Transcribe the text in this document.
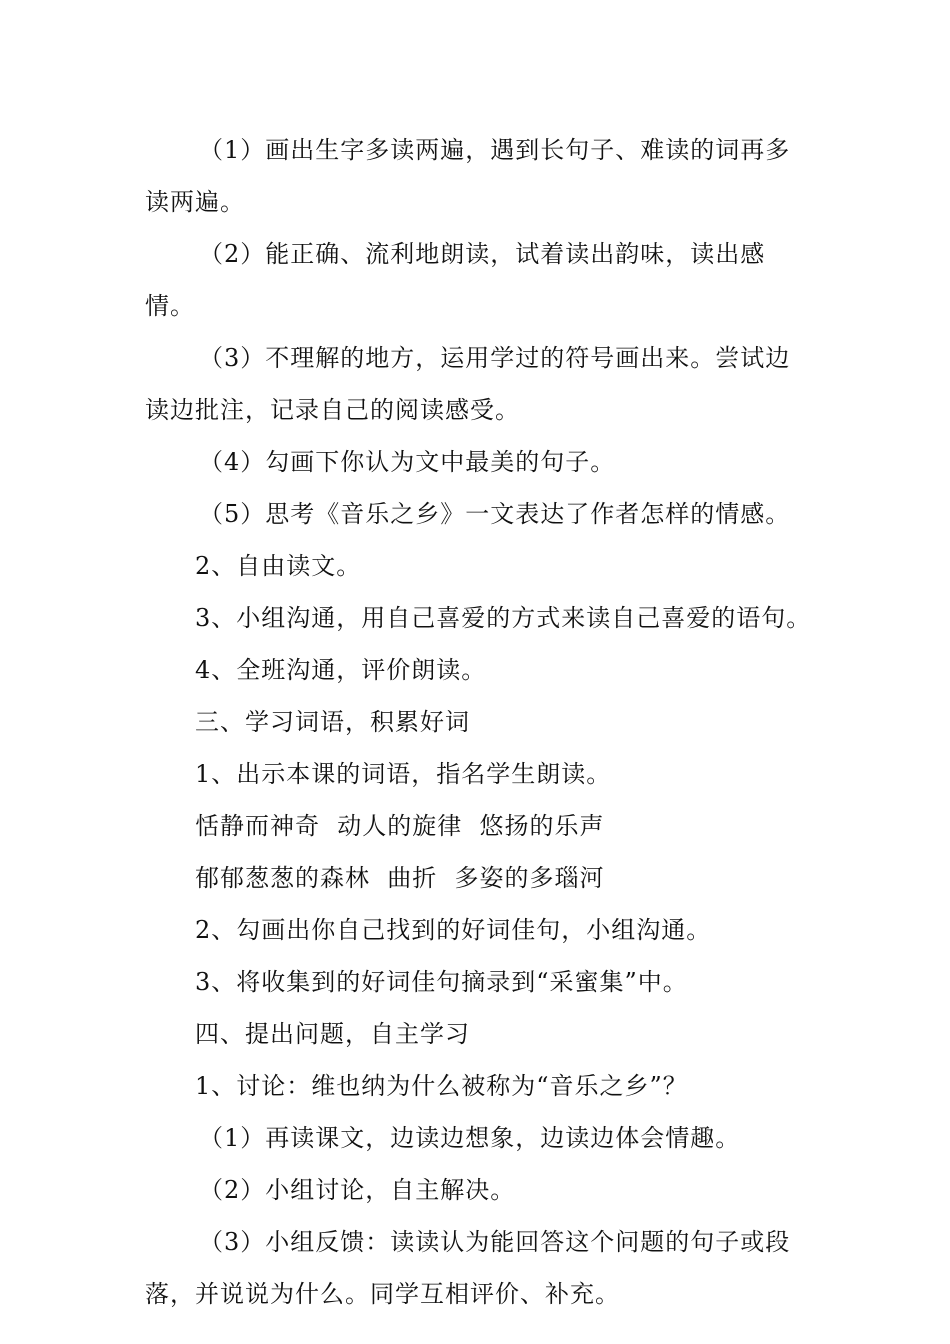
（1）画出生字多读两遍，遇到长句子、难读的词再多读两遍。

（2）能正确、流利地朗读，试着读出韵味，读出感情。

（3）不理解的地方，运用学过的符号画出来。尝试边读边批注，记录自己的阅读感受。

（4）勾画下你认为文中最美的句子。

（5）思考《音乐之乡》一文表达了作者怎样的情感。

2、自由读文。

3、小组沟通，用自己喜爱的方式来读自己喜爱的语句。

4、全班沟通，评价朗读。

三、学习词语，积累好词

1、出示本课的词语，指名学生朗读。

恬静而神奇  动人的旋律  悠扬的乐声

郁郁葱葱的森林  曲折  多姿的多瑙河

2、勾画出你自己找到的好词佳句，小组沟通。

3、将收集到的好词佳句摘录到“采蜜集”中。

四、提出问题，自主学习

1、讨论：维也纳为什么被称为“音乐之乡”？

（1）再读课文，边读边想象，边读边体会情趣。

（2）小组讨论，自主解决。

（3）小组反馈：读读认为能回答这个问题的句子或段落，并说说为什么。同学互相评价、补充。
